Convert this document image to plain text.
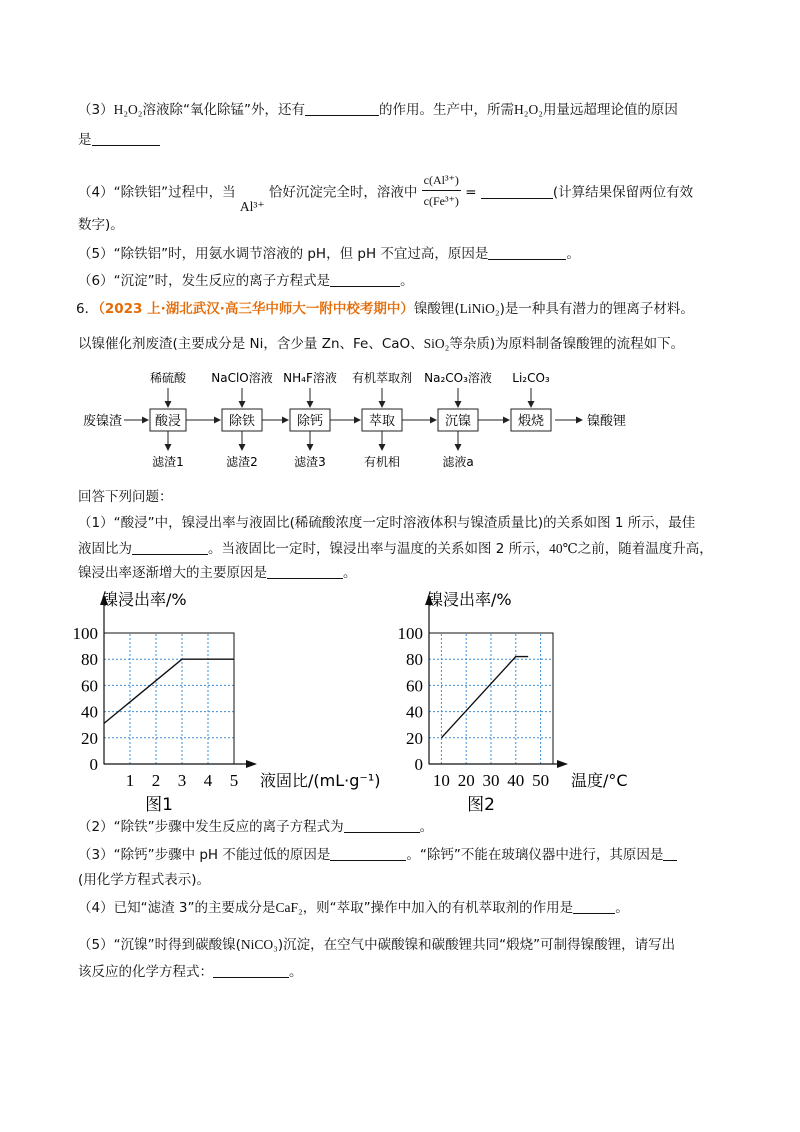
（3）H₂O₂溶液除“氧化除锰”外，还有	的作用。生产中，所需H₂O₂用量远超理论值的原因
是
（4）“除铁铝”过程中，当 Al³⁺ 恰好沉淀完全时，溶液中 $\frac{\text{c(Al³⁺)}}{\text{c(Fe³⁺)}}$ =	(计算结果保留两位有效
数字)。
（5）“除铁铝”时，用氨水调节溶液的 pH，但 pH 不宜过高，原因是	。
（6）“沉淀”时，发生反应的离子方程式是	。
6．（2023 上·湖北武汉·高三华中师大一附中校考期中）镍酸锂(LiNiO₂)是一种具有潜力的锂离子材料。
以镍催化剂废渣(主要成分是 Ni，含少量 Zn、Fe、CaO、SiO₂等杂质)为原料制备镍酸锂的流程如下。
废镍渣	酸浸
稀硫酸
滤渣1
除铁
NaClO溶液
滤渣2
除钙
NH₄F溶液
滤渣3
萃取
有机萃取剂
有机相
沉镍
Na₂CO₃溶液
滤液a
煅烧
Li₂CO₃
镍酸锂
回答下列问题：
（1）“酸浸”中，镍浸出率与液固比(稀硫酸浓度一定时溶液体积与镍渣质量比)的关系如图 1 所示，最佳
液固比为	。当液固比一定时，镍浸出率与温度的关系如图 2 所示，40℃之前，随着温度升高，
镍浸出率逐渐增大的主要原因是	。
0
20
40
60
80
100
1 2 3 4 5
镍浸出率/%
液固比/(mL·g⁻¹)
图1
0
20
40
60
80
100
10 20 30 40 50
镍浸出率/%
温度/°C
图2
（2）“除铁”步骤中发生反应的离子方程式为	。
（3）“除钙”步骤中 pH 不能过低的原因是	。“除钙”不能在玻璃仪器中进行，其原因是
(用化学方程式表示)。
（4）已知“滤渣 3”的主要成分是CaF₂，则“萃取”操作中加入的有机萃取剂的作用是	。
（5）“沉镍”时得到碳酸镍(NiCO₃)沉淀，在空气中碳酸镍和碳酸锂共同“煅烧”可制得镍酸锂，请写出
该反应的化学方程式：	。
